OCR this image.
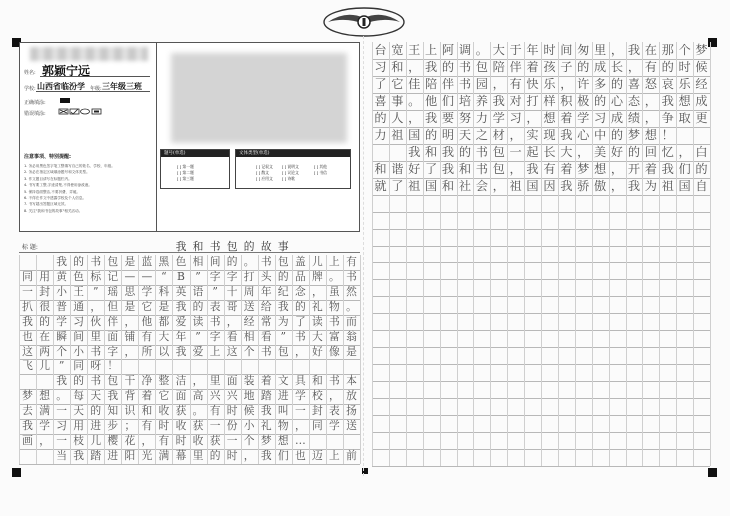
姓名: 郭颖宁远
学校: 山西省临汾学 年级: 三年级三班
正确填涂:
错误填涂:
注意事项、特别提醒:
1. 务必用黑色签字笔工整填写自己的姓名、学校、年级。
2. 务必在指定区域填涂题号和文体类型。
3. 作文题目请写在标题栏内。
4. 书写要工整,字迹清楚,不得使用涂改液。
5. 保持卷面整洁,不要折叠、弄破。
6. 不得在作文中透露学校及个人信息。
7. 书写超出答题区域无效。
8. 关注"我和书包的故事"相关活动。
题号(单选)
[ ] 第一题
[ ] 第二题
[ ] 第三题
文体类型(单选)
[ ] 记叙文 [ ] 说明文
[ ] 散文	[ ] 议论文
[ ] 应用文 [ ] 诗歌
[ ] 其他
[ ] 书信
标 题:	我 和 书 包 的 故 事
我 的 书 包 是 蓝 黑 色 相 间 的 。 书 包 盖 儿 上 有
同 用 黄 色 标 记 — — “ B ” 字 字 打 头 的 品 牌 。 书
一 封 小 王 ” 瑶 思 学 科 英 语 ” 十 周 年 纪 念 ， 虽 然
扒 很 普 通 ， 但 是 它 是 我 的 表 哥 送 给 我 的 礼 物 。
我 的 学 习 伙 伴 ， 他 都 爱 读 书 ， 经 常 为 了 读 书 而
也 在 瞬 间 里 面 铺 有 大 年 ” 字 看 相 看 ” 书 大 富 翁
这 两 个 小 书 字 ， 所 以 我 爱 上 这 个 书 包 ， 好 像 是
飞 儿 ” 同 呀 ！
我 的 书 包 干 净 整 洁 ， 里 面 装 着 文 具 和 书 本
梦 想 。 每 天 我 背 着 它 面 高 兴 兴 地 踏 进 学 校 ， 放
去 满 一 天 的 知 识 和 收 获 。 有 时 候 我 叫 一 封 表 扬
我 学 习 用 进 步 ； 有 时 收 获 一 份 小 礼 物 ， 同 学 送
画 ， 一 枝 儿 樱 花 ， 有 时 收 获 一 个 梦 想 …
当 我 踏 进 阳 光 满 幕 里 的 时 ， 我 们 也 迈 上 前
台 宽 王 上 阿 调 。 大 于 年 时 间 匆 里 ， 我 在 那 个 梦
习 和 ， 我 的 书 包 陪 伴 着 孩 子 的 成 长 ， 有 的 时 候
了 它 佳 陪 伴 书 园 ， 有 快 乐 ， 许 多 的 喜 怒 哀 乐 经
喜 事 。 他 们 培 养 我 对 打 样 积 极 的 心 态 ， 我 想 成
的 人 ， 我 要 努 力 学 习 ， 想 着 学 习 成 绩 ， 争 取 更
力 祖 国 的 明 天 之 材 ， 实 现 我 心 中 的 梦 想 ！
我 和 我 的 书 包 一 起 长 大 ， 美 好 的 回 忆 ， 白
和 谐 好 了 我 和 书 包 ， 我 有 着 梦 想 ， 开 着 我 们 的
就 了 祖 国 和 社 会 ， 祖 国 因 我 骄 傲 ， 我 为 祖 国 自
